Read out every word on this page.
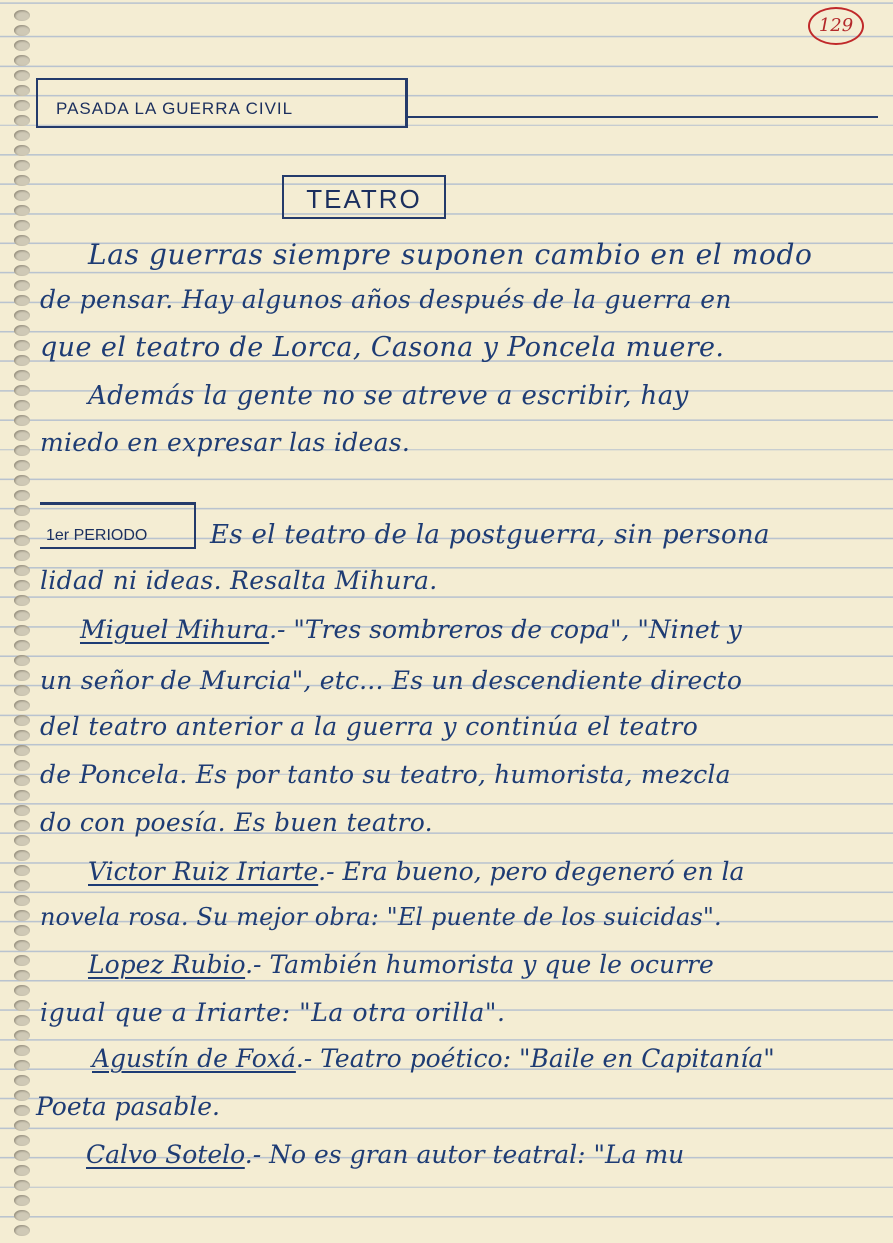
129
PASADA LA GUERRA CIVIL
TEATRO
Las guerras siempre suponen cambio en el modo
de pensar. Hay algunos años después de la guerra en
que el teatro de Lorca, Casona y Poncela muere.
Además la gente no se atreve a escribir, hay
miedo en expresar las ideas.
1er PERIODO	Es el teatro de la postguerra, sin persona
lidad ni ideas. Resalta Mihura.
Miguel Mihura.- "Tres sombreros de copa", "Ninet y
un señor de Murcia", etc... Es un descendiente directo
del teatro anterior a la guerra y continúa el teatro
de Poncela. Es por tanto su teatro, humorista, mezcla
do con poesía. Es buen teatro.
Victor Ruiz Iriarte.- Era bueno, pero degeneró en la
novela rosa. Su mejor obra: "El puente de los suicidas".
Lopez Rubio.- También humorista y que le ocurre
igual que a Iriarte: "La otra orilla".
Agustín de Foxá.- Teatro poético: "Baile en Capitanía"
Poeta pasable.
Calvo Sotelo.- No es gran autor teatral: "La mu
